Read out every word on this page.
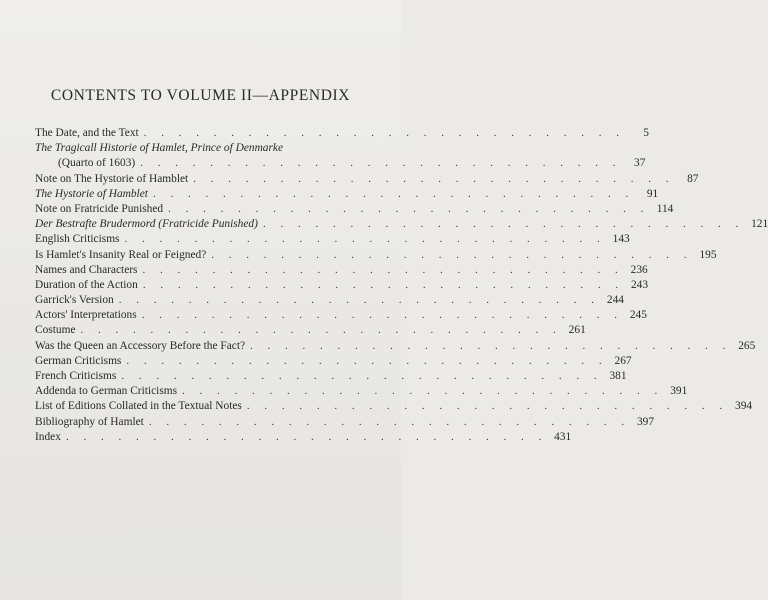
CONTENTS TO VOLUME II—APPENDIX
The Date, and the Text . . . . . . . . . . . . . . . . . . . . . . . . . . . .	5
The Tragicall Historie of Hamlet, Prince of Denmarke
(Quarto of 1603) . . . . . . . . . . . . . . . . . . . . . . . . . . . .	37
Note on The Hystorie of Hamblet . . . . . . . . . . . . . . . . . . . . . . . . . . . .	87
The Hystorie of Hamblet . . . . . . . . . . . . . . . . . . . . . . . . . . . .	91
Note on Fratricide Punished . . . . . . . . . . . . . . . . . . . . . . . . . . . . 114
Der Bestrafte Brudermord (Fratricide Punished) . . . . . . . . . . . . . . . . . . . . . . . . . . . . 121
English Criticisms . . . . . . . . . . . . . . . . . . . . . . . . . . . . 143
Is Hamlet's Insanity Real or Feigned? . . . . . . . . . . . . . . . . . . . . . . . . . . . . 195
Names and Characters . . . . . . . . . . . . . . . . . . . . . . . . . . . . 236
Duration of the Action . . . . . . . . . . . . . . . . . . . . . . . . . . . . 243
Garrick's Version . . . . . . . . . . . . . . . . . . . . . . . . . . . . 244
Actors' Interpretations . . . . . . . . . . . . . . . . . . . . . . . . . . . . 245
Costume . . . . . . . . . . . . . . . . . . . . . . . . . . . . 261
Was the Queen an Accessory Before the Fact? . . . . . . . . . . . . . . . . . . . . . . . . . . . . 265
German Criticisms . . . . . . . . . . . . . . . . . . . . . . . . . . . . 267
French Criticisms . . . . . . . . . . . . . . . . . . . . . . . . . . . . 381
Addenda to German Criticisms . . . . . . . . . . . . . . . . . . . . . . . . . . . . 391
List of Editions Collated in the Textual Notes . . . . . . . . . . . . . . . . . . . . . . . . . . . . 394
Bibliography of Hamlet . . . . . . . . . . . . . . . . . . . . . . . . . . . . 397
Index . . . . . . . . . . . . . . . . . . . . . . . . . . . . 431
